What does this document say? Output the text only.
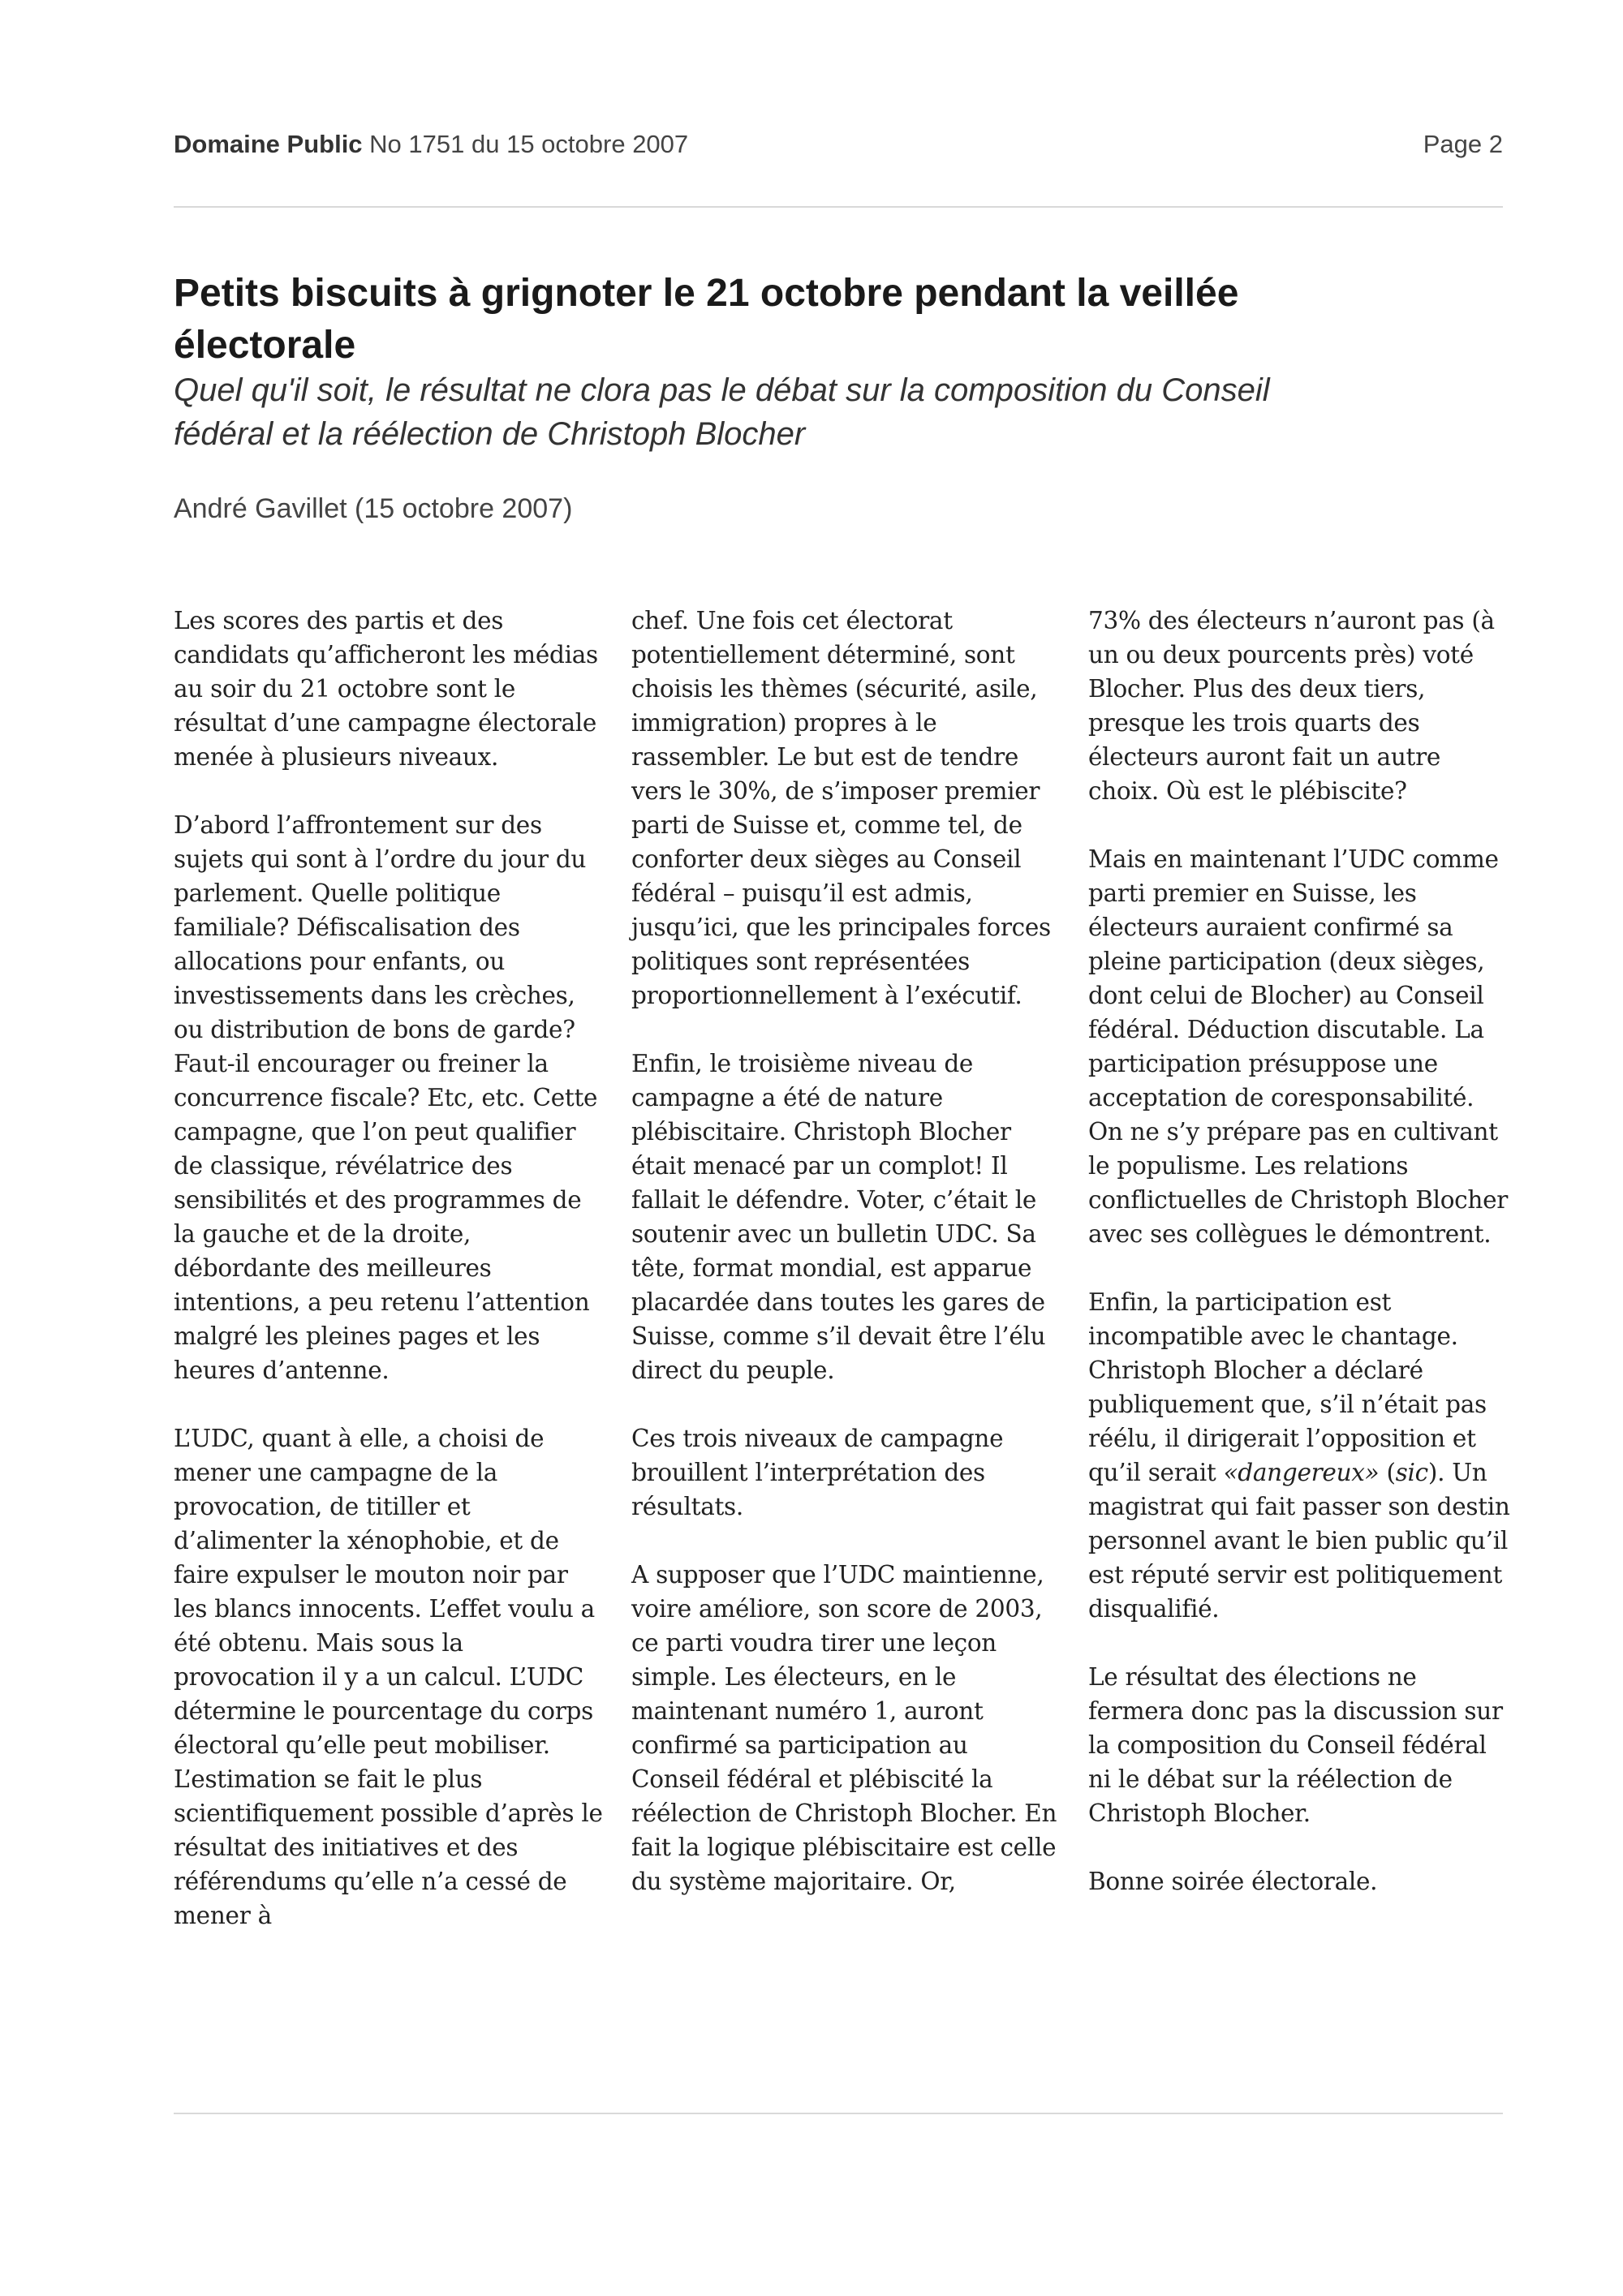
Domaine Public No 1751 du 15 octobre 2007	Page 2
Petits biscuits à grignoter le 21 octobre pendant la veillée électorale

Quel qu'il soit, le résultat ne clora pas le débat sur la composition du Conseil fédéral et la réélection de Christoph Blocher

André Gavillet (15 octobre 2007)

Les scores des partis et des candidats qu’afficheront les médias au soir du 21 octobre sont le résultat d’une campagne électorale menée à plusieurs niveaux.

D’abord l’affrontement sur des sujets qui sont à l’ordre du jour du parlement. Quelle politique familiale? Défiscalisation des allocations pour enfants, ou investissements dans les crèches, ou distribution de bons de garde? Faut-il encourager ou freiner la concurrence fiscale? Etc, etc. Cette campagne, que l’on peut qualifier de classique, révélatrice des sensibilités et des programmes de la gauche et de la droite, débordante des meilleures intentions, a peu retenu l’attention malgré les pleines pages et les heures d’antenne.

L’UDC, quant à elle, a choisi de mener une campagne de la provocation, de titiller et d’alimenter la xénophobie, et de faire expulser le mouton noir par les blancs innocents. L’effet voulu a été obtenu. Mais sous la provocation il y a un calcul. L’UDC détermine le pourcentage du corps électoral qu’elle peut mobiliser. L’estimation se fait le plus scientifiquement possible d’après le résultat des initiatives et des référendums qu’elle n’a cessé de mener à

chef. Une fois cet électorat potentiellement déterminé, sont choisis les thèmes (sécurité, asile, immigration) propres à le rassembler. Le but est de tendre vers le 30%, de s’imposer premier parti de Suisse et, comme tel, de conforter deux sièges au Conseil fédéral – puisqu’il est admis, jusqu’ici, que les principales forces politiques sont représentées proportionnellement à l’exécutif.

Enfin, le troisième niveau de campagne a été de nature plébiscitaire. Christoph Blocher était menacé par un complot! Il fallait le défendre. Voter, c’était le soutenir avec un bulletin UDC. Sa tête, format mondial, est apparue placardée dans toutes les gares de Suisse, comme s’il devait être l’élu direct du peuple.

Ces trois niveaux de campagne brouillent l’interprétation des résultats.

A supposer que l’UDC maintienne, voire améliore, son score de 2003, ce parti voudra tirer une leçon simple. Les électeurs, en le maintenant numéro 1, auront confirmé sa participation au Conseil fédéral et plébiscité la réélection de Christoph Blocher. En fait la logique plébiscitaire est celle du système majoritaire. Or,

73% des électeurs n’auront pas (à un ou deux pourcents près) voté Blocher. Plus des deux tiers, presque les trois quarts des électeurs auront fait un autre choix. Où est le plébiscite?

Mais en maintenant l’UDC comme parti premier en Suisse, les électeurs auraient confirmé sa pleine participation (deux sièges, dont celui de Blocher) au Conseil fédéral. Déduction discutable. La participation présuppose une acceptation de coresponsabilité. On ne s’y prépare pas en cultivant le populisme. Les relations conflictuelles de Christoph Blocher avec ses collègues le démontrent.

Enfin, la participation est incompatible avec le chantage. Christoph Blocher a déclaré publiquement que, s’il n’était pas réélu, il dirigerait l’opposition et qu’il serait «dangereux» (sic). Un magistrat qui fait passer son destin personnel avant le bien public qu’il est réputé servir est politiquement disqualifié.

Le résultat des élections ne fermera donc pas la discussion sur la composition du Conseil fédéral ni le débat sur la réélection de Christoph Blocher.

Bonne soirée électorale.
